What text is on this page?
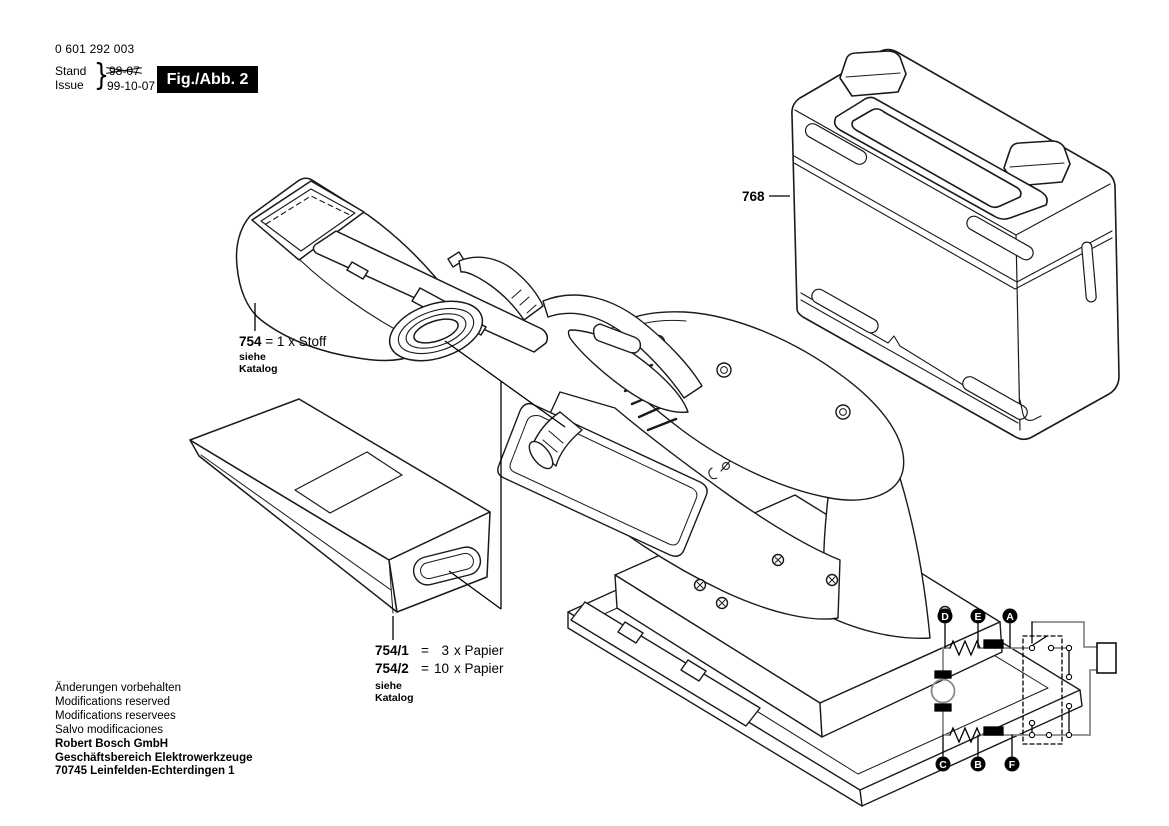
D E A
C	B	F
0 601 292 003
Stand
Issue } 98-07
99-10-07 Fig./Abb. 2
754 = 1 x Stoff
siehe
Katalog
768
754/1 = 3 x Papier
754/2 = 10 x Papier
siehe
Katalog
Änderungen vorbehalten
Modifications reserved
Modifications reservees
Salvo modificaciones
Robert Bosch GmbH
Geschäftsbereich Elektrowerkzeuge
70745 Leinfelden-Echterdingen 1
